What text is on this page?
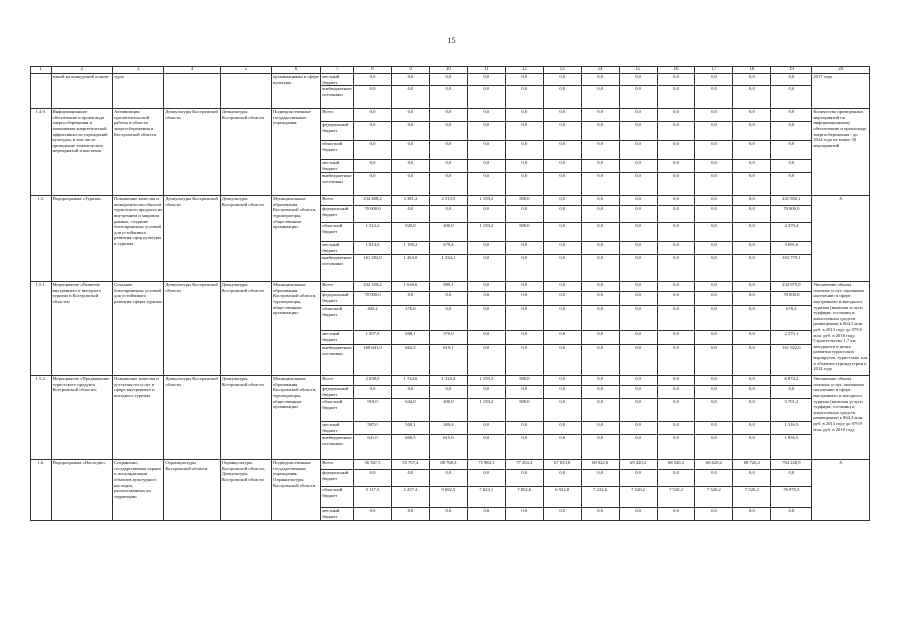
15
1	2	3	4	5	6	7	8	9	10	11	12	13	14	15	16	17	18	19	20
	зимой на конкурсной основе	туры			организациями в сфере культуры	местный бюджет	0,0	0,0	0,0	0,0	0,0	0,0	0,0	0,0	0,0	0,0	0,0	0,0	2017 года
						внебюджетные источники	0,0	0,0	0,0	0,0	0,0	0,0	0,0	0,0	0,0	0,0	0,0	0,0	
1.4.9.	Информационное обеспечение и пропаганда энергосбережения и повышения энергетической эффективности учреждений культуры, в том числе проведение тематических мероприятий и выставок	Активизация просветительской работы в области энергосбережения в Костромской области	Депкультуры Костромской области	Депкультуры Костромской области	Подведомственные государственные учреждения	Всего	0,0	0,0	0,0	0,0	0,0	0,0	0,0	0,0	0,0	0,0	0,0	0,0	Количество проведенных мероприятий по информационному обеспечению и пропаганде энергосбережения - до 2024 года не менее 30 мероприятий
						федеральный бюджет	0,0	0,0	0,0	0,0	0,0	0,0	0,0	0,0	0,0	0,0	0,0	0,0	
						областной бюджет	0,0	0,0	0,0	0,0	0,0	0,0	0,0	0,0	0,0	0,0	0,0	0,0	
						местный бюджет	0,0	0,0	0,0	0,0	0,0	0,0	0,0	0,0	0,0	0,0	0,0	0,0	
						внебюджетные источники	0,0	0,0	0,0	0,0	0,0	0,0	0,0	0,0	0,0	0,0	0,0	0,0	
1.5.	Подпрограмма «Туризм»	Повышение качества и конкурентоспособности туристского продукта на внутреннем и мировом рынках, создание благоприятных условий для устойчивого развития сфер культуры и туризма	Депкультуры Костромской области	Депкультуры Костромской области	Муниципальные образования Костромской области, туроператоры, общественные организации	Всего	234 408,2	3 381,2	2 313,5	1 159,2	588,0	0,0	0,0	0,0	0,0	0,0	0,0	241 850,1	X
						федеральный бюджет	70 000,0	0,0	0,0	0,0	0,0	0,0	0,0	0,0	0,0	0,0	0,0	70 000,0	
						областной бюджет	1 312,2	920,0	400,0	1 159,2	588,0	0,0	0,0	0,0	0,0	0,0	0,0	4 379,4	
						местный бюджет	1 814,0	1 198,2	679,4	0,0	0,0	0,0	0,0	0,0	0,0	0,0	0,0	3 691,6	
						внебюджетные источники	161 282,0	1 263,0	1 234,1	0,0	0,0	0,0	0,0	0,0	0,0	0,0	0,0	163 779,1	
1.5.1.	Мероприятие «Развитие внутреннего и въездного туризма в Костромской области»	Создание благоприятных условий для устойчивого развития сферы туризма	Депкультуры Костромской области	Депкультуры Костромской области	Муниципальные образования Костромской области, туроператоры, общественные организации	Всего	232 350,2	1 636,6	989,1	0,0	0,0	0,0	0,0	0,0	0,0	0,0	0,0	234 975,9	Увеличение объема платных услуг, оказанных населению в сфере внутреннего и въездного туризма (включая услуги турфирм, гостиниц и аналогичных средств размещения) к 864,3 млн руб. в 2013 году до 979,9 млн. руб. в 2018 году. Строительство 1,7 км автодороги в целях развития туристских маршрутов, туристских зон и объектов туриндустрии в 2014 году
						федеральный бюджет	70 000,0	0,0	0,0	0,0	0,0	0,0	0,0	0,0	0,0	0,0	0,0	70 000,0	
						областной бюджет	402,2	276,0	0,0	0,0	0,0	0,0	0,0	0,0	0,0	0,0	0,0	678,2	
						местный бюджет	1 307,0	698,1	370,0	0,0	0,0	0,0	0,0	0,0	0,0	0,0	0,0	2 375,1	
						внебюджетные источники	160 641,0	662,5	619,1	0,0	0,0	0,0	0,0	0,0	0,0	0,0	0,0	161 922,6	
1.5.2.	Мероприятие «Продвижение туристского продукта Костромской области»	Повышение качества и доступности услуг в сфере внутреннего и въездного туризма	Депкультуры Костромской области	Депкультуры Костромской области	Муниципальные образования Костромской области, туроператоры, общественные организации	Всего	2 058,0	1 744,6	1 324,4	1 159,2	588,0	0,0	0,0	0,0	0,0	0,0	0,0	6 874,2	Увеличение объема платных услуг, оказанных населению в сфере внутреннего и въездного туризма (включая услуги турфирм, гостиниц и аналогичных средств размещения) к 864,3 млн руб. в 2013 году до 979,9 млн. руб. в 2018 году
						федеральный бюджет	0,0	0,0	0,0	0,0	0,0	0,0	0,0	0,0	0,0	0,0	0,0	0,0	
						областной бюджет	910,0	644,0	400,0	1 159,2	588,0	0,0	0,0	0,0	0,0	0,0	0,0	3 701,2	
						местный бюджет	507,0	500,1	309,4	0,0	0,0	0,0	0,0	0,0	0,0	0,0	0,0	1 316,5	
						внебюджетные источники	641,0	600,5	615,0	0,0	0,0	0,0	0,0	0,0	0,0	0,0	0,0	1 856,5	
1.6.	Подпрограмма «Наследие»	Сохранение, государственная охрана и популяризация объектов культурного наследия, расположенных на территории	Охранкультуры Костромской области	Охранкультуры Костромской области, Депкультуры Костромской области	Подведомственные государственные учреждения, Охранкультуры Костромской области	Всего	56 567,5	55 707,4	88 768,3	75 984,1	77 264,4	67 633,8	68 022,6	69 420,2	68 520,2	68 620,2	68 720,2	764 228,9	X
						федеральный бюджет	0,0	0,0	0,0	0,0	0,0	0,0	0,0	0,0	0,0	0,0	0,0	0,0	
						областной бюджет	5 117,5	2 257,4	9 692,5	7 823,1	7 852,6	6 932,8	7 222,6	7 520,2	7 520,2	7 520,2	7 520,2	76 979,3	
						местный бюджет	0,0	0,0	0,0	0,0	0,0	0,0	0,0	0,0	0,0	0,0	0,0	0,0	
